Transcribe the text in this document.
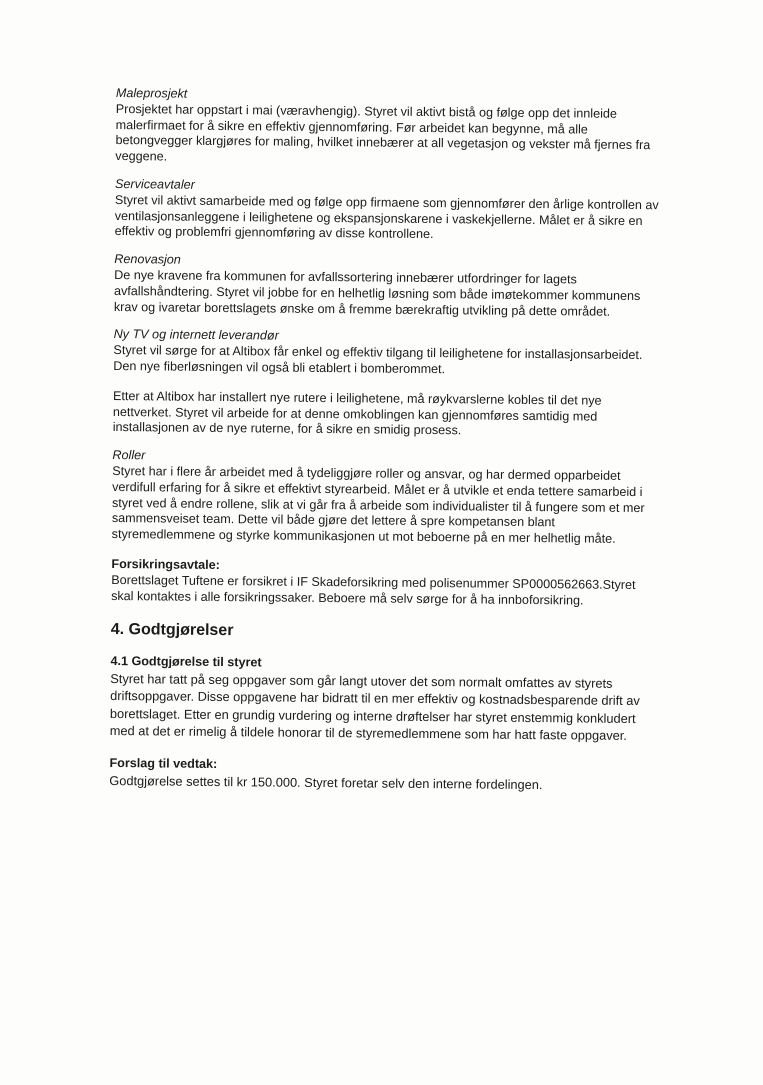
Maleprosjekt

Prosjektet har oppstart i mai (væravhengig). Styret vil aktivt bistå og følge opp det innleide malerfirmaet for å sikre en effektiv gjennomføring. Før arbeidet kan begynne, må alle betongvegger klargjøres for maling, hvilket innebærer at all vegetasjon og vekster må fjernes fra veggene.

Serviceavtaler

Styret vil aktivt samarbeide med og følge opp firmaene som gjennomfører den årlige kontrollen av ventilasjonsanleggene i leilighetene og ekspansjonskarene i vaskekjellerne. Målet er å sikre en effektiv og problemfri gjennomføring av disse kontrollene.

Renovasjon

De nye kravene fra kommunen for avfallssortering innebærer utfordringer for lagets avfallshåndtering. Styret vil jobbe for en helhetlig løsning som både imøtekommer kommunens krav og ivaretar borettslagets ønske om å fremme bærekraftig utvikling på dette området.

Ny TV og internett leverandør

Styret vil sørge for at Altibox får enkel og effektiv tilgang til leilighetene for installasjonsarbeidet. Den nye fiberløsningen vil også bli etablert i bomberommet.

Etter at Altibox har installert nye rutere i leilighetene, må røykvarslerne kobles til det nye nettverket. Styret vil arbeide for at denne omkoblingen kan gjennomføres samtidig med installasjonen av de nye ruterne, for å sikre en smidig prosess.

Roller

Styret har i flere år arbeidet med å tydeliggjøre roller og ansvar, og har dermed opparbeidet verdifull erfaring for å sikre et effektivt styrearbeid. Målet er å utvikle et enda tettere samarbeid i styret ved å endre rollene, slik at vi går fra å arbeide som individualister til å fungere som et mer sammensveiset team. Dette vil både gjøre det lettere å spre kompetansen blant styremedlemmene og styrke kommunikasjonen ut mot beboerne på en mer helhetlig måte.

Forsikringsavtale:

Borettslaget Tuftene er forsikret i IF Skadeforsikring med polisenummer SP0000562663.Styret skal kontaktes i alle forsikringssaker. Beboere må selv sørge for å ha innboforsikring.

4. Godtgjørelser

4.1 Godtgjørelse til styret

Styret har tatt på seg oppgaver som går langt utover det som normalt omfattes av styrets driftsoppgaver. Disse oppgavene har bidratt til en mer effektiv og kostnadsbesparende drift av borettslaget. Etter en grundig vurdering og interne drøftelser har styret enstemmig konkludert med at det er rimelig å tildele honorar til de styremedlemmene som har hatt faste oppgaver.

Forslag til vedtak:

Godtgjørelse settes til kr 150.000. Styret foretar selv den interne fordelingen.
